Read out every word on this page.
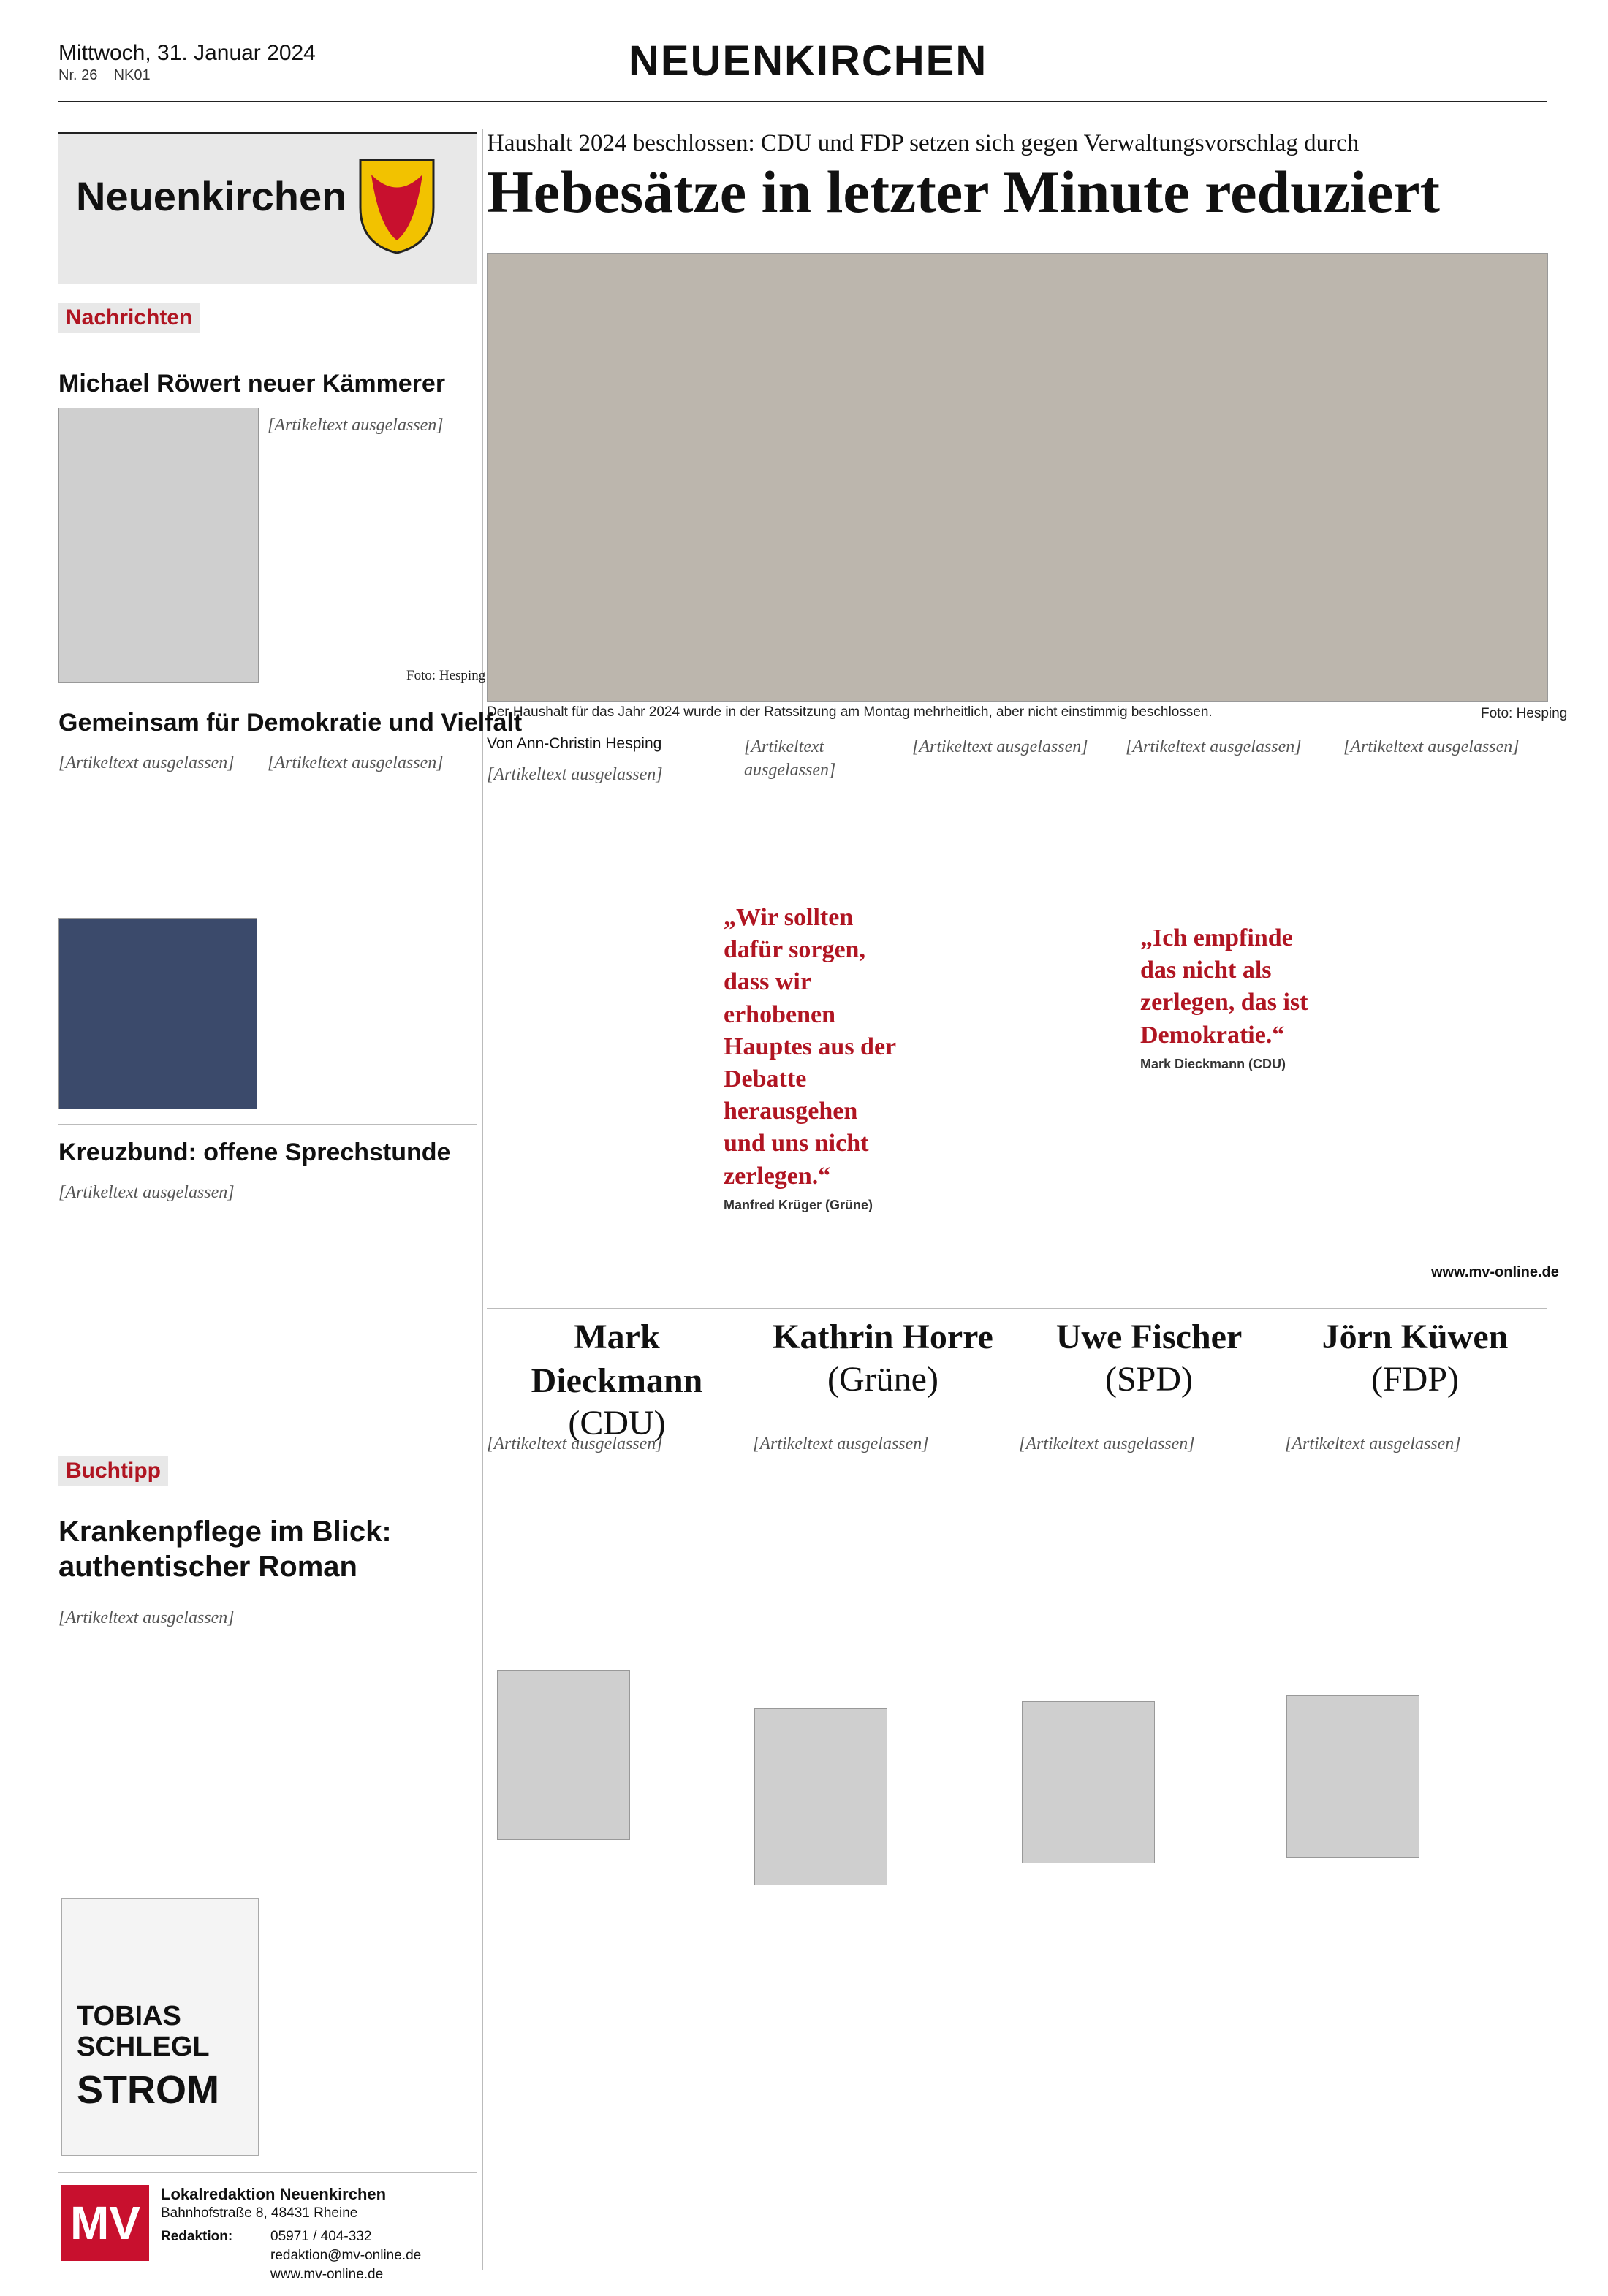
Mittwoch, 31. Januar 2024
Nr. 26 NK01	NEUENKIRCHEN
Neuenkirchen
Nachrichten
Michael Röwert neuer Kämmerer
[Artikeltext ausgelassen]
Foto: Hesping
Gemeinsam für Demokratie und Vielfalt
[Artikeltext ausgelassen]	[Artikeltext ausgelassen]
Kreuzbund: offene Sprechstunde
[Artikeltext ausgelassen]
Buchtipp
Krankenpflege im Blick: authentischer Roman
[Artikeltext ausgelassen]
TOBIAS SCHLEGL
STROM
MV
Lokalredaktion Neuenkirchen
Bahnhofstraße 8, 48431 Rheine
Redaktion:	05971 / 404-332
redaktion@mv-online.de
www.mv-online.de
Haushalt 2024 beschlossen: CDU und FDP setzen sich gegen Verwaltungsvorschlag durch
Hebesätze in letzter Minute reduziert
Der Haushalt für das Jahr 2024 wurde in der Ratssitzung am Montag mehrheitlich, aber nicht einstimmig beschlossen.	Foto: Hesping
Von Ann-Christin Hesping
[Artikeltext ausgelassen]
[Artikeltext ausgelassen]
„Wir sollten dafür sorgen, dass wir erhobenen Hauptes aus der Debatte herausgehen und uns nicht zerlegen.“
Manfred Krüger (Grüne)
[Artikeltext ausgelassen]	[Artikeltext ausgelassen]
„Ich empfinde das nicht als zerlegen, das ist Demokratie.“
Mark Dieckmann (CDU)
[Artikeltext ausgelassen]
www.mv-online.de
Mark Dieckmann
(CDU)
Kathrin Horre
(Grüne)
Uwe Fischer
(SPD)
Jörn Küwen
(FDP)
[Artikeltext ausgelassen]	[Artikeltext ausgelassen]	[Artikeltext ausgelassen]	[Artikeltext ausgelassen]
